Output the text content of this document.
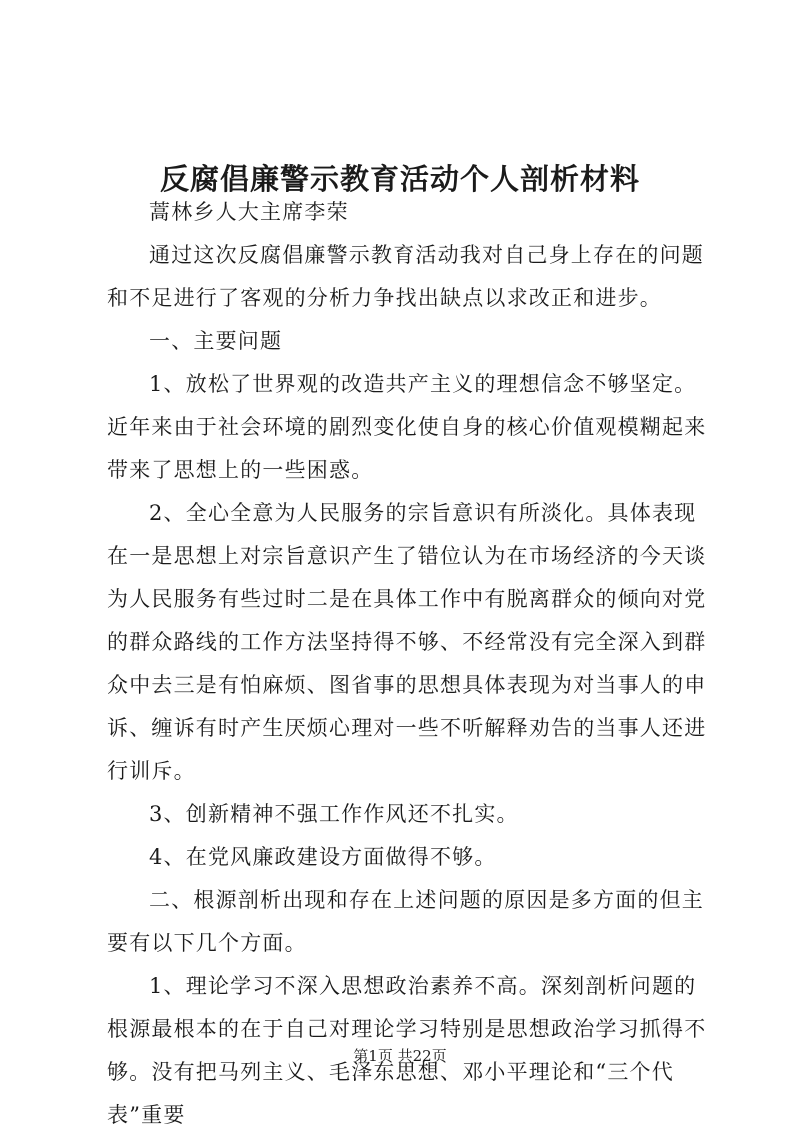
反腐倡廉警示教育活动个人剖析材料

蒿林乡人大主席李荣

通过这次反腐倡廉警示教育活动我对自己身上存在的问题和不足进行了客观的分析力争找出缺点以求改正和进步。

一、主要问题

1、放松了世界观的改造共产主义的理想信念不够坚定。近年来由于社会环境的剧烈变化使自身的核心价值观模糊起来带来了思想上的一些困惑。

2、全心全意为人民服务的宗旨意识有所淡化。具体表现在一是思想上对宗旨意识产生了错位认为在市场经济的今天谈为人民服务有些过时二是在具体工作中有脱离群众的倾向对党的群众路线的工作方法坚持得不够、不经常没有完全深入到群众中去三是有怕麻烦、图省事的思想具体表现为对当事人的申诉、缠诉有时产生厌烦心理对一些不听解释劝告的当事人还进行训斥。

3、创新精神不强工作作风还不扎实。

4、在党风廉政建设方面做得不够。

二、根源剖析出现和存在上述问题的原因是多方面的但主要有以下几个方面。

1、理论学习不深入思想政治素养不高。深刻剖析问题的根源最根本的在于自己对理论学习特别是思想政治学习抓得不够。没有把马列主义、毛泽东思想、邓小平理论和“三个代表”重要

第1页 共22页
